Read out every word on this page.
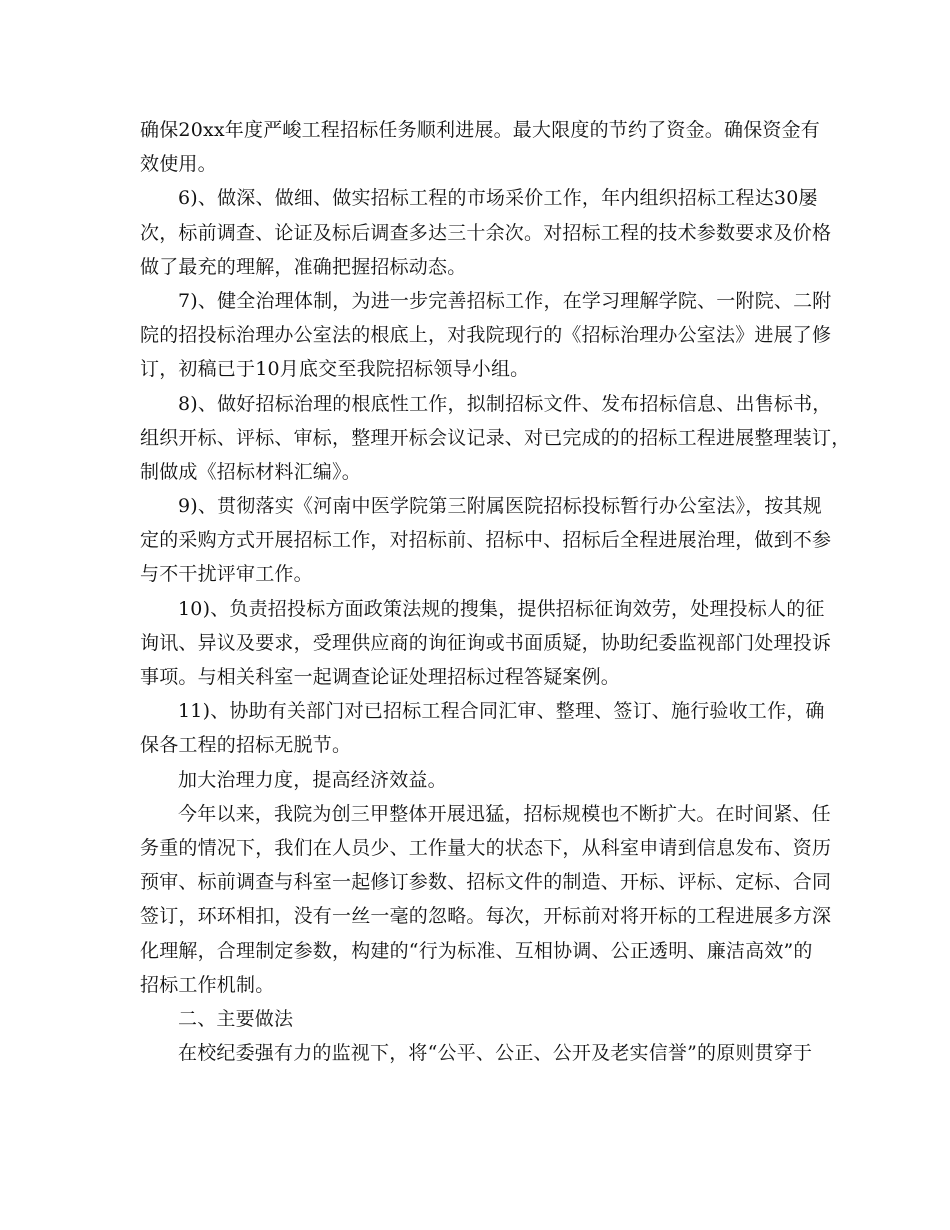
确保20xx年度严峻工程招标任务顺利进展。最大限度的节约了资金。确保资金有
效使用。
6)、做深、做细、做实招标工程的市场采价工作，年内组织招标工程达30屡
次，标前调查、论证及标后调查多达三十余次。对招标工程的技术参数要求及价格
做了最充的理解，准确把握招标动态。
7)、健全治理体制，为进一步完善招标工作，在学习理解学院、一附院、二附
院的招投标治理办公室法的根底上，对我院现行的《招标治理办公室法》进展了修
订，初稿已于10月底交至我院招标领导小组。
8)、做好招标治理的根底性工作，拟制招标文件、发布招标信息、出售标书，
组织开标、评标、审标，整理开标会议记录、对已完成的的招标工程进展整理装订，
制做成《招标材料汇编》。
9)、贯彻落实《河南中医学院第三附属医院招标投标暂行办公室法》，按其规
定的采购方式开展招标工作，对招标前、招标中、招标后全程进展治理，做到不参
与不干扰评审工作。
10)、负责招投标方面政策法规的搜集，提供招标征询效劳，处理投标人的征
询讯、异议及要求，受理供应商的询征询或书面质疑，协助纪委监视部门处理投诉
事项。与相关科室一起调查论证处理招标过程答疑案例。
11)、协助有关部门对已招标工程合同汇审、整理、签订、施行验收工作，确
保各工程的招标无脱节。
加大治理力度，提高经济效益。
今年以来，我院为创三甲整体开展迅猛，招标规模也不断扩大。在时间紧、任
务重的情况下，我们在人员少、工作量大的状态下，从科室申请到信息发布、资历
预审、标前调查与科室一起修订参数、招标文件的制造、开标、评标、定标、合同
签订，环环相扣，没有一丝一毫的忽略。每次，开标前对将开标的工程进展多方深
化理解，合理制定参数，构建的“行为标准、互相协调、公正透明、廉洁高效”的
招标工作机制。
二、主要做法
在校纪委强有力的监视下，将“公平、公正、公开及老实信誉”的原则贯穿于
